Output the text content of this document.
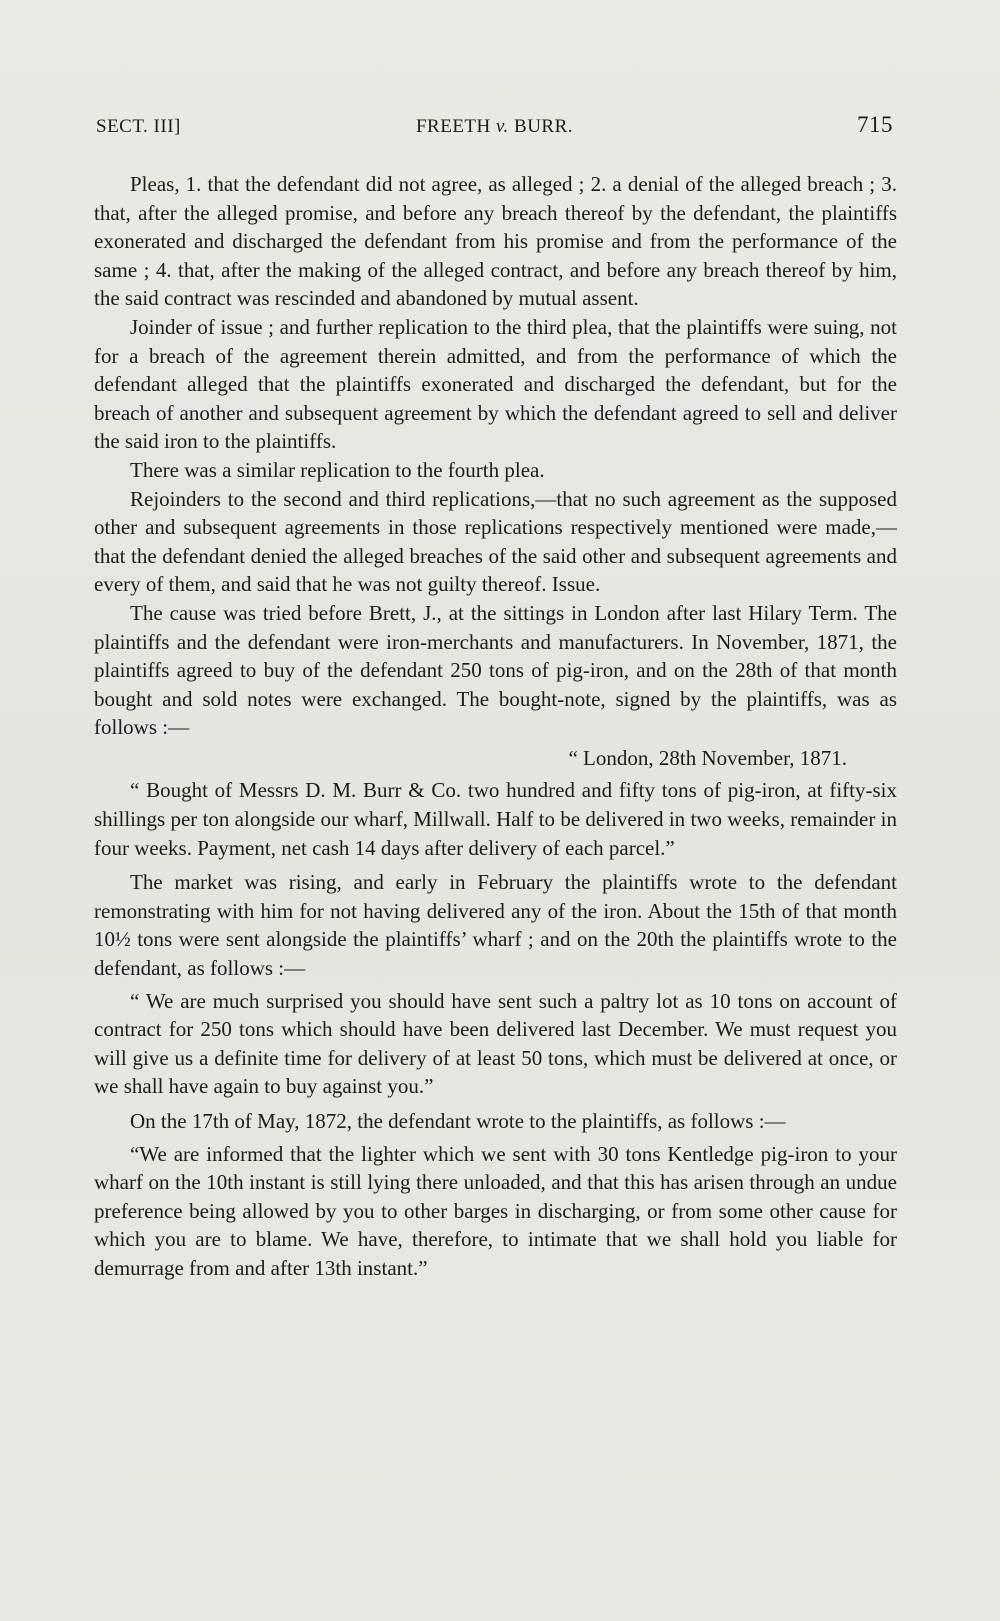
SECT. III]	FREETH v. BURR.	715

Pleas, 1. that the defendant did not agree, as alleged ; 2. a denial of the alleged breach ; 3. that, after the alleged promise, and before any breach thereof by the defendant, the plaintiffs exonerated and discharged the defendant from his promise and from the performance of the same ; 4. that, after the making of the alleged contract, and before any breach thereof by him, the said contract was rescinded and abandoned by mutual assent.

Joinder of issue ; and further replication to the third plea, that the plaintiffs were suing, not for a breach of the agreement therein admitted, and from the performance of which the defendant alleged that the plaintiffs exonerated and discharged the defendant, but for the breach of another and subsequent agreement by which the defendant agreed to sell and deliver the said iron to the plaintiffs.

There was a similar replication to the fourth plea.

Rejoinders to the second and third replications,—that no such agreement as the supposed other and subsequent agreements in those replications respectively mentioned were made,—that the defendant denied the alleged breaches of the said other and subsequent agreements and every of them, and said that he was not guilty thereof. Issue.

The cause was tried before Brett, J., at the sittings in London after last Hilary Term. The plaintiffs and the defendant were iron-merchants and manufacturers. In November, 1871, the plaintiffs agreed to buy of the defendant 250 tons of pig-iron, and on the 28th of that month bought and sold notes were exchanged. The bought-note, signed by the plaintiffs, was as follows :—

“ London, 28th November, 1871.

“ Bought of Messrs D. M. Burr & Co. two hundred and fifty tons of pig-iron, at fifty-six shillings per ton alongside our wharf, Millwall. Half to be delivered in two weeks, remainder in four weeks. Payment, net cash 14 days after delivery of each parcel.”

The market was rising, and early in February the plaintiffs wrote to the defendant remonstrating with him for not having delivered any of the iron. About the 15th of that month 10½ tons were sent alongside the plaintiffs’ wharf ; and on the 20th the plaintiffs wrote to the defendant, as follows :—

“ We are much surprised you should have sent such a paltry lot as 10 tons on account of contract for 250 tons which should have been delivered last December. We must request you will give us a definite time for delivery of at least 50 tons, which must be delivered at once, or we shall have again to buy against you.”

On the 17th of May, 1872, the defendant wrote to the plaintiffs, as follows :—

“We are informed that the lighter which we sent with 30 tons Kentledge pig-iron to your wharf on the 10th instant is still lying there unloaded, and that this has arisen through an undue preference being allowed by you to other barges in discharging, or from some other cause for which you are to blame. We have, therefore, to intimate that we shall hold you liable for demurrage from and after 13th instant.”
